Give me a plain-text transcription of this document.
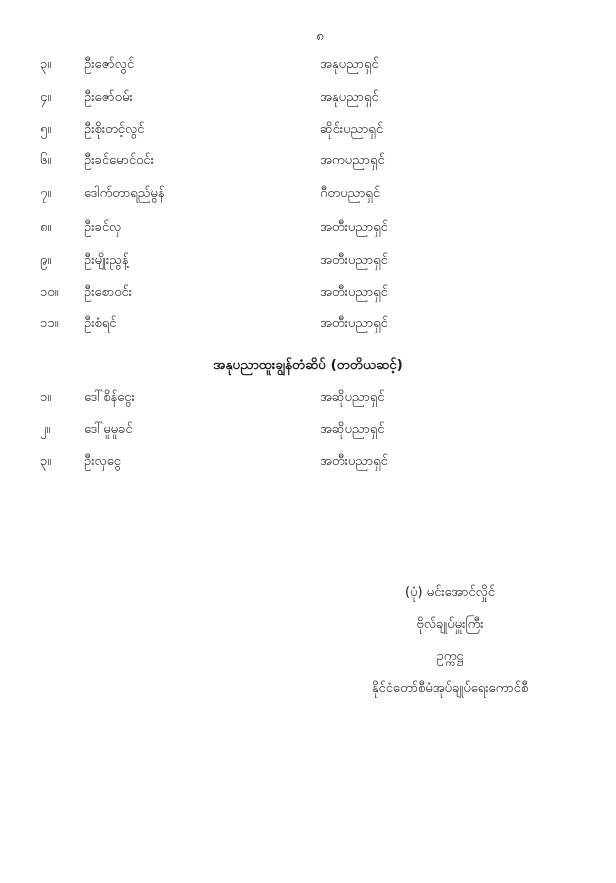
၈
၃။	ဦးဇော်လွင်	အနုပညာရှင်
၄။	ဦးဇော်ဝမ်း	အနုပညာရှင်
၅။	ဦးစိုးတင့်လွင်	ဆိုင်းပညာရှင်
၆။	ဦးခင်မောင်ဝင်း	အကပညာရှင်
၇။	ဒေါက်တာရည်မွန်	ဂီတပညာရှင်
၈။	ဦးခင်လှ	အတီးပညာရှင်
၉။	ဦးမျိုးညွန့်	အတီးပညာရှင်
၁၀။	ဦးစောဝင်း	အတီးပညာရှင်
၁၁။	ဦးစံရင်	အတီးပညာရှင်
အနုပညာထူးချွန်တံဆိပ် (တတိယဆင့်)
၁။	ဒေါ်စိန်ငွေး	အဆိုပညာရှင်
၂။	ဒေါ်မူမူခင်	အဆိုပညာရှင်
၃။	ဦးလှငွေ	အတီးပညာရှင်
(ပုံ) မင်းအောင်လှိုင်
ဗိုလ်ချုပ်မှူးကြီး
ဥက္ကဋ္ဌ
နိုင်ငံတော်စီမံအုပ်ချုပ်ရေးကောင်စီ
